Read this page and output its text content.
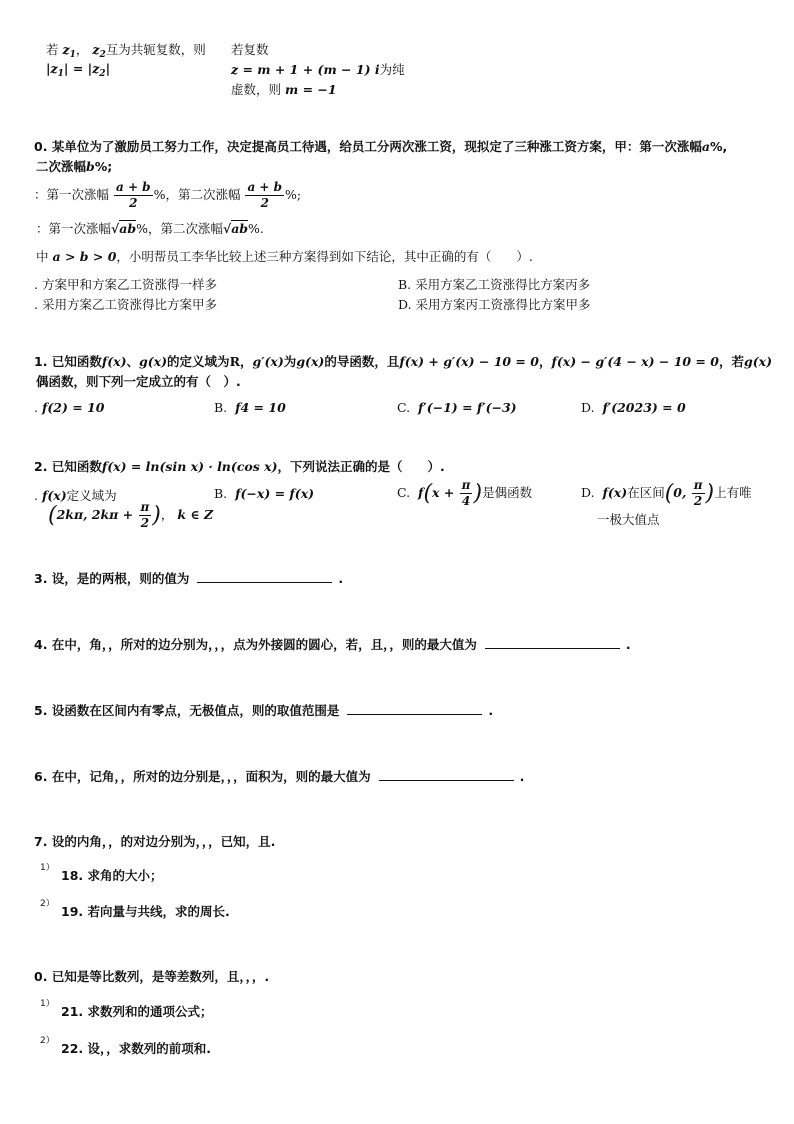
若 $z_1$， $z_2$互为共轭复数，则
$|z_1| = |z_2|$
若复数
z = m + 1 + (m − 1) i为纯
虚数，则 m = −1
0. 某单位为了激励员工努力工作，决定提高员工待遇，给员工分两次涨工资，现拟定了三种涨工资方案，甲：第一次涨幅a%,
二次涨幅b%;
：第一次涨幅 $\frac{a + b}{2}$ %，第二次涨幅 $\frac{a + b}{2}$ %;
：第一次涨幅√ab%，第二次涨幅√ab%.
中 a > b > 0，小明帮员工李华比较上述三种方案得到如下结论，其中正确的有（　　）.
. 方案甲和方案乙工资涨得一样多	B. 采用方案乙工资涨得比方案丙多
. 采用方案乙工资涨得比方案甲多	D. 采用方案丙工资涨得比方案甲多
1. 已知函数f(x)、g(x)的定义域为R，g′(x)为g(x)的导函数，且f(x) + g′(x) − 10 = 0，f(x) − g′(4 − x) − 10 = 0，若g(x)
偶函数，则下列一定成立的有（　）.
. f(2) = 10	B. f4 = 10	C. f′(−1) = f′(−3)	D. f′(2023) = 0
2. 已知函数f(x) = ln(sin x) · ln(cos x)，下列说法正确的是（　　）.
. f(x)定义域为
(2kπ, $2k\pi + \frac{\pi}{2}$ )， k ∈ Z
B. f(−x) = f(x)	C. $f(x + \frac{\pi}{4}$ )是偶函数	D. f(x)在区间(0, $\frac{\pi}{2}$ )上有唯
一极大值点
3. 设，是的两根，则的值为	.
4. 在中，角，，所对的边分别为，，，点为外接圆的圆心，若，且，，则的最大值为	.
5. 设函数在区间内有零点，无极值点，则的取值范围是	.
6. 在中，记角，，所对的边分别是，，，面积为，则的最大值为	.
7. 设的内角，，的对边分别为，，，已知，且.
1） 18. 求角的大小；
2） 19. 若向量与共线，求的周长.
0. 已知是等比数列，是等差数列，且，，，.
1） 21. 求数列和的通项公式；
2） 22. 设，，求数列的前项和.
